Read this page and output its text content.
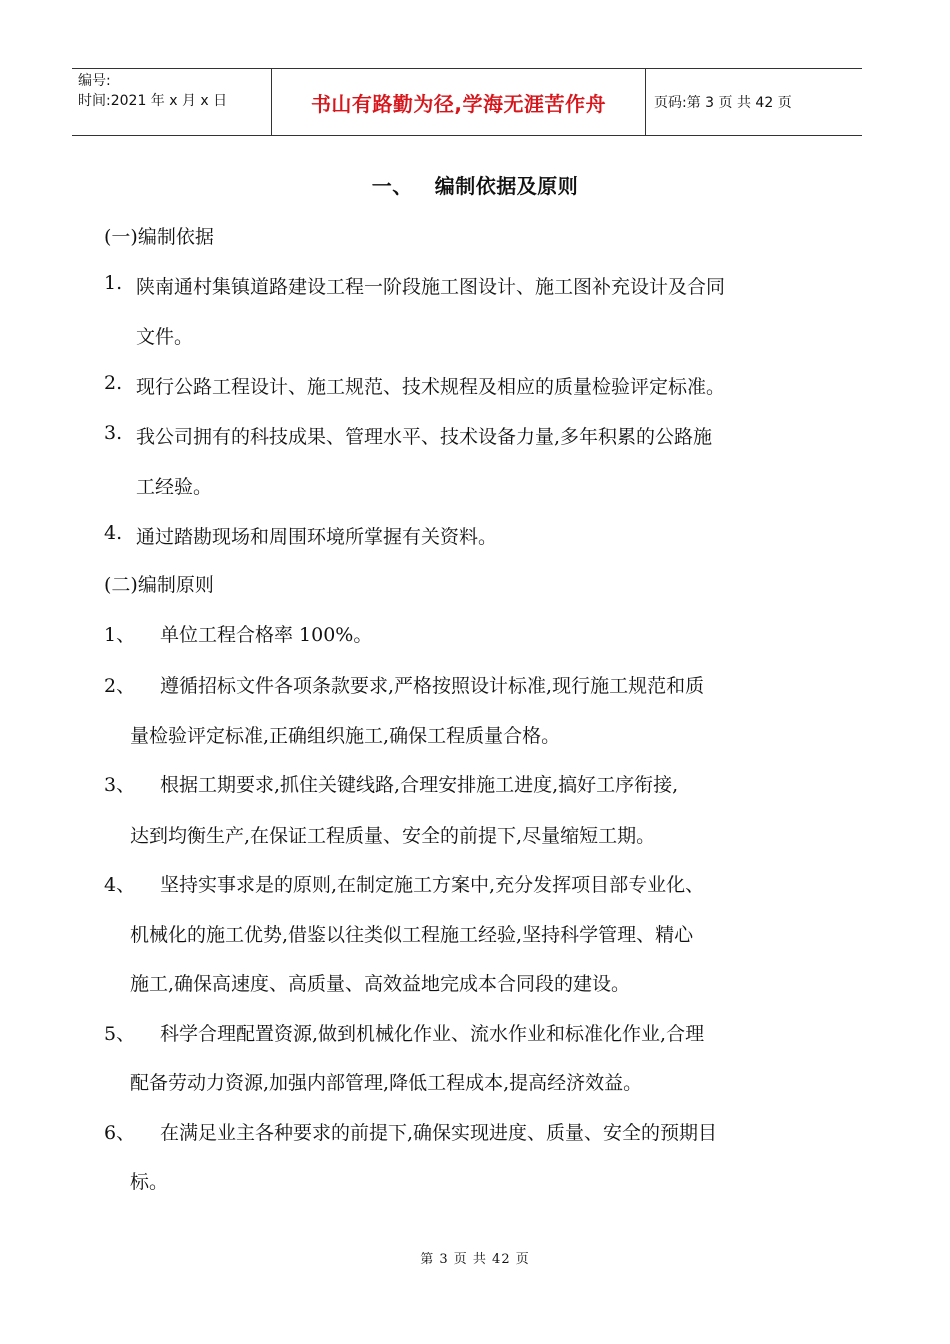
编号:
时间:2021 年 x 月 x 日	书山有路勤为径,学海无涯苦作舟	页码:第 3 页 共 42 页
一、 编制依据及原则
(一)编制依据
1. 陕南通村集镇道路建设工程一阶段施工图设计、施工图补充设计及合同
文件。
2. 现行公路工程设计、施工规范、技术规程及相应的质量检验评定标准。
3. 我公司拥有的科技成果、管理水平、技术设备力量,多年积累的公路施
工经验。
4. 通过踏勘现场和周围环境所掌握有关资料。
(二)编制原则
1、 单位工程合格率 100%。
2、 遵循招标文件各项条款要求,严格按照设计标准,现行施工规范和质
量检验评定标准,正确组织施工,确保工程质量合格。
3、 根据工期要求,抓住关键线路,合理安排施工进度,搞好工序衔接,
达到均衡生产,在保证工程质量、安全的前提下,尽量缩短工期。
4、 坚持实事求是的原则,在制定施工方案中,充分发挥项目部专业化、
机械化的施工优势,借鉴以往类似工程施工经验,坚持科学管理、精心
施工,确保高速度、高质量、高效益地完成本合同段的建设。
5、 科学合理配置资源,做到机械化作业、流水作业和标准化作业,合理
配备劳动力资源,加强内部管理,降低工程成本,提高经济效益。
6、 在满足业主各种要求的前提下,确保实现进度、质量、安全的预期目
标。
第 3 页 共 42 页
